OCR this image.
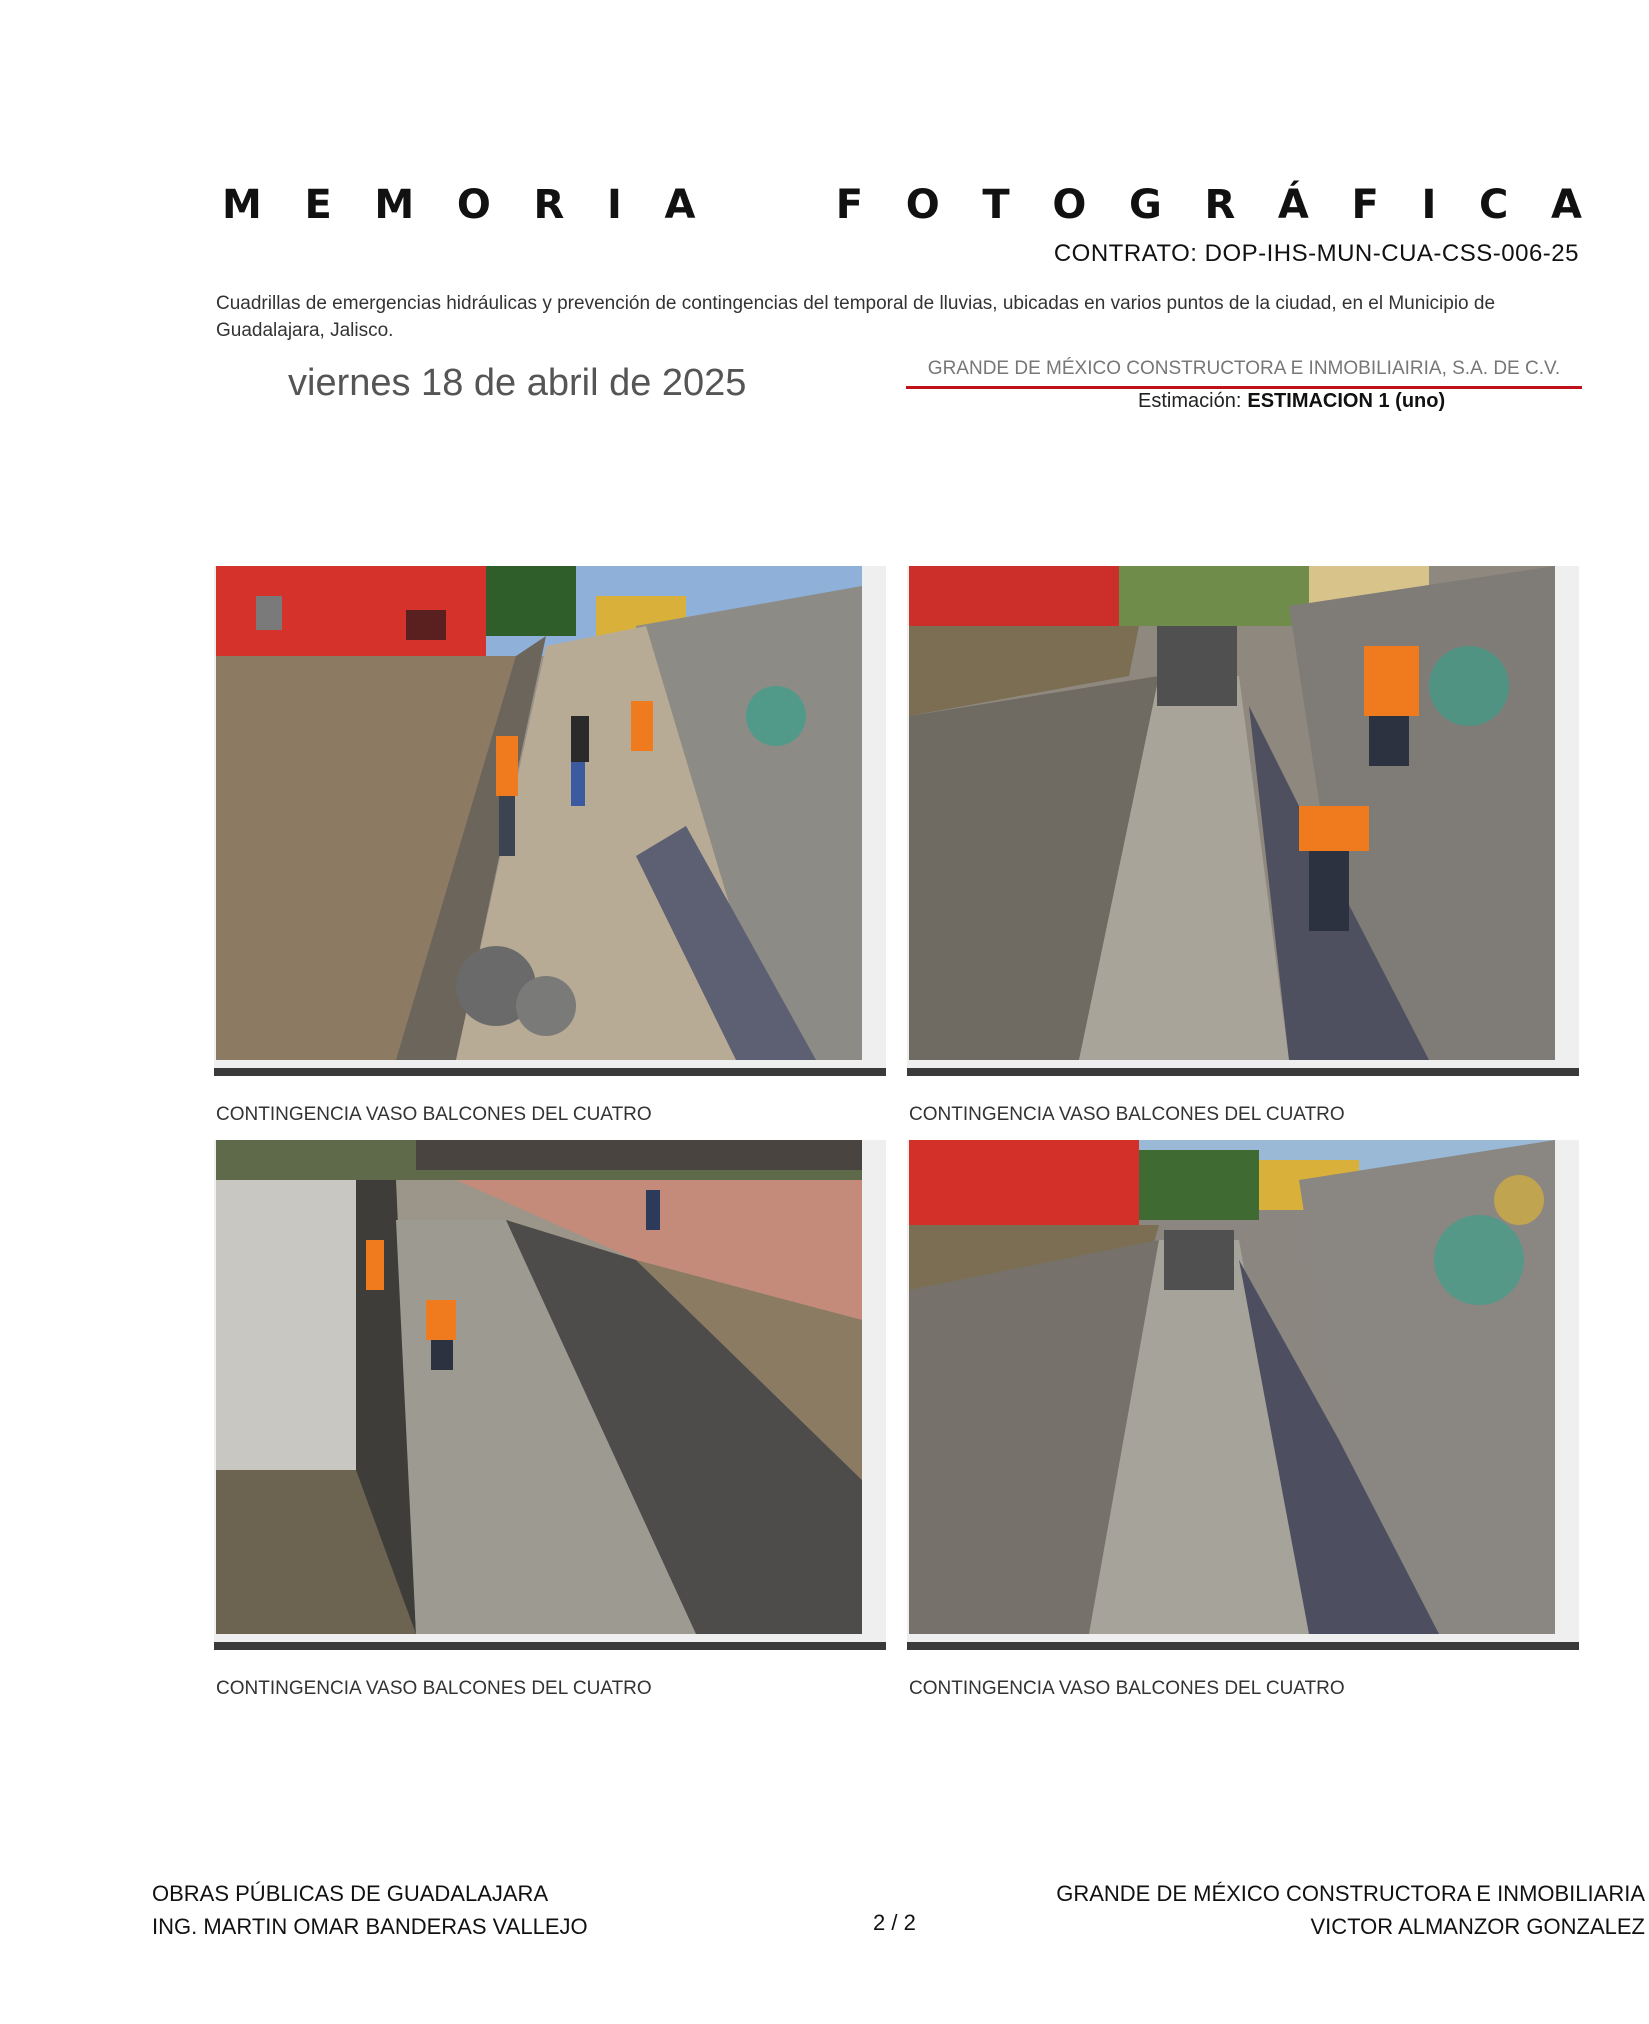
M E M O R I A	F O T O G R Á F I C A
CONTRATO: DOP-IHS-MUN-CUA-CSS-006-25
Cuadrillas de emergencias hidráulicas y prevención de contingencias del temporal de lluvias, ubicadas en varios puntos de la ciudad, en el Municipio de Guadalajara, Jalisco.
viernes 18 de abril de 2025	GRANDE DE MÉXICO CONSTRUCTORA E INMOBILIAIRIA, S.A. DE C.V.
Estimación: ESTIMACION 1 (uno)
CONTINGENCIA VASO BALCONES DEL CUATRO	CONTINGENCIA VASO BALCONES DEL CUATRO
CONTINGENCIA VASO BALCONES DEL CUATRO	CONTINGENCIA VASO BALCONES DEL CUATRO
OBRAS PÚBLICAS DE GUADALAJARA
ING. MARTIN OMAR BANDERAS VALLEJO	2 / 2
GRANDE DE MÉXICO CONSTRUCTORA E INMOBILIARIA
VICTOR ALMANZOR GONZALEZ
